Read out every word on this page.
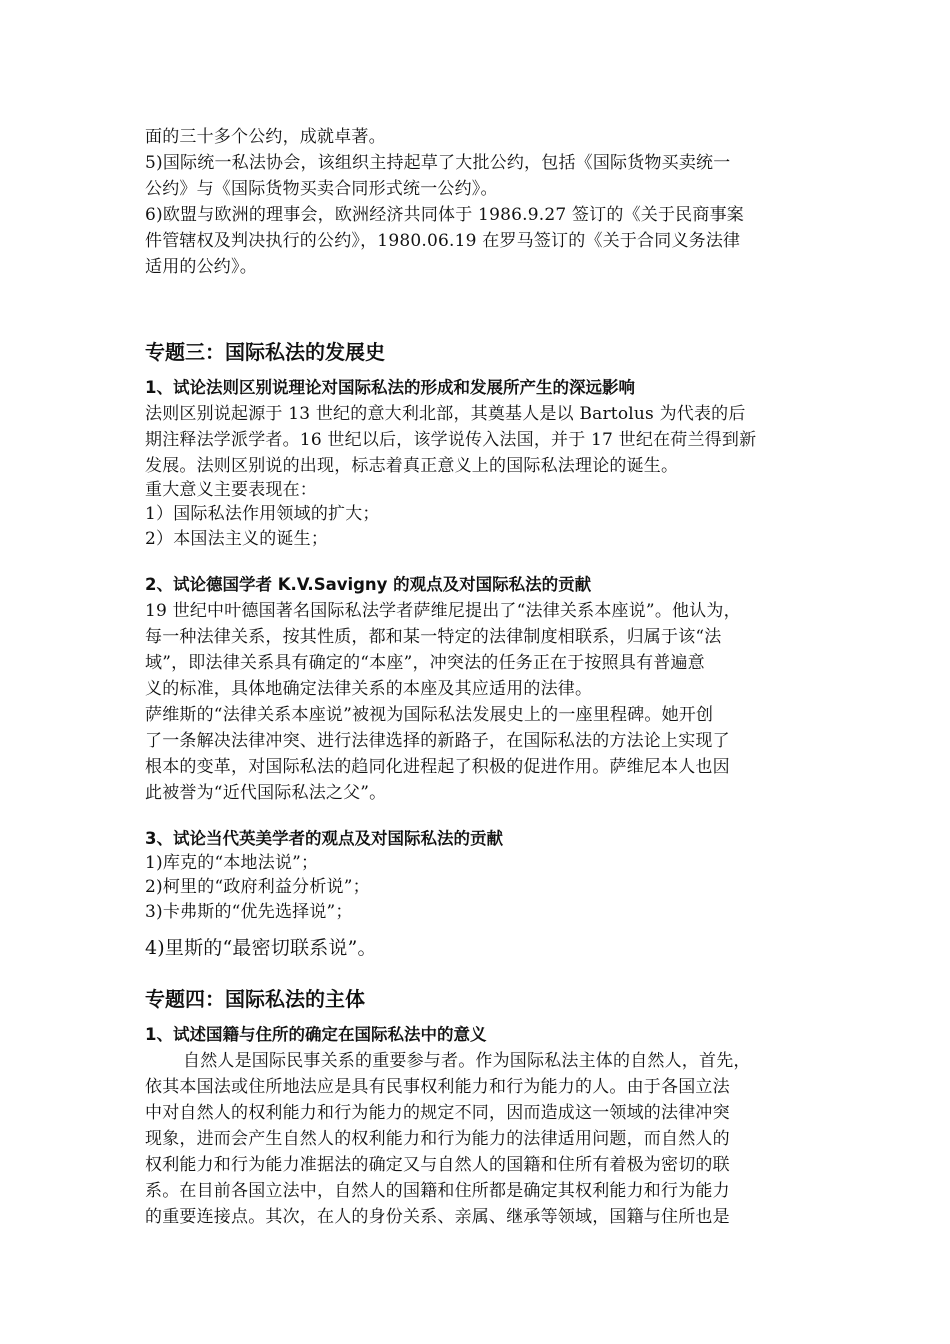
面的三十多个公约，成就卓著。
5)国际统一私法协会，该组织主持起草了大批公约，包括《国际货物买卖统一
公约》与《国际货物买卖合同形式统一公约》。
6)欧盟与欧洲的理事会，欧洲经济共同体于 1986.9.27 签订的《关于民商事案
件管辖权及判决执行的公约》，1980.06.19 在罗马签订的《关于合同义务法律
适用的公约》。
专题三：国际私法的发展史
1、试论法则区别说理论对国际私法的形成和发展所产生的深远影响
法则区别说起源于 13 世纪的意大利北部，其奠基人是以 Bartolus 为代表的后
期注释法学派学者。16 世纪以后，该学说传入法国，并于 17 世纪在荷兰得到新
发展。法则区别说的出现，标志着真正意义上的国际私法理论的诞生。
重大意义主要表现在：
1）国际私法作用领域的扩大；
2）本国法主义的诞生；
2、试论德国学者 K.V.Savigny 的观点及对国际私法的贡献
19 世纪中叶德国著名国际私法学者萨维尼提出了“法律关系本座说”。他认为，
每一种法律关系，按其性质，都和某一特定的法律制度相联系，归属于该“法
域”，即法律关系具有确定的“本座”，冲突法的任务正在于按照具有普遍意
义的标准，具体地确定法律关系的本座及其应适用的法律。
萨维斯的“法律关系本座说”被视为国际私法发展史上的一座里程碑。她开创
了一条解决法律冲突、进行法律选择的新路子，在国际私法的方法论上实现了
根本的变革，对国际私法的趋同化进程起了积极的促进作用。萨维尼本人也因
此被誉为“近代国际私法之父”。
3、试论当代英美学者的观点及对国际私法的贡献
1)库克的“本地法说”；
2)柯里的“政府利益分析说”；
3)卡弗斯的“优先选择说”；
4)里斯的“最密切联系说”。
专题四：国际私法的主体
1、试述国籍与住所的确定在国际私法中的意义
自然人是国际民事关系的重要参与者。作为国际私法主体的自然人，首先，
依其本国法或住所地法应是具有民事权利能力和行为能力的人。由于各国立法
中对自然人的权利能力和行为能力的规定不同，因而造成这一领域的法律冲突
现象，进而会产生自然人的权利能力和行为能力的法律适用问题，而自然人的
权利能力和行为能力准据法的确定又与自然人的国籍和住所有着极为密切的联
系。在目前各国立法中，自然人的国籍和住所都是确定其权利能力和行为能力
的重要连接点。其次，在人的身份关系、亲属、继承等领域，国籍与住所也是
